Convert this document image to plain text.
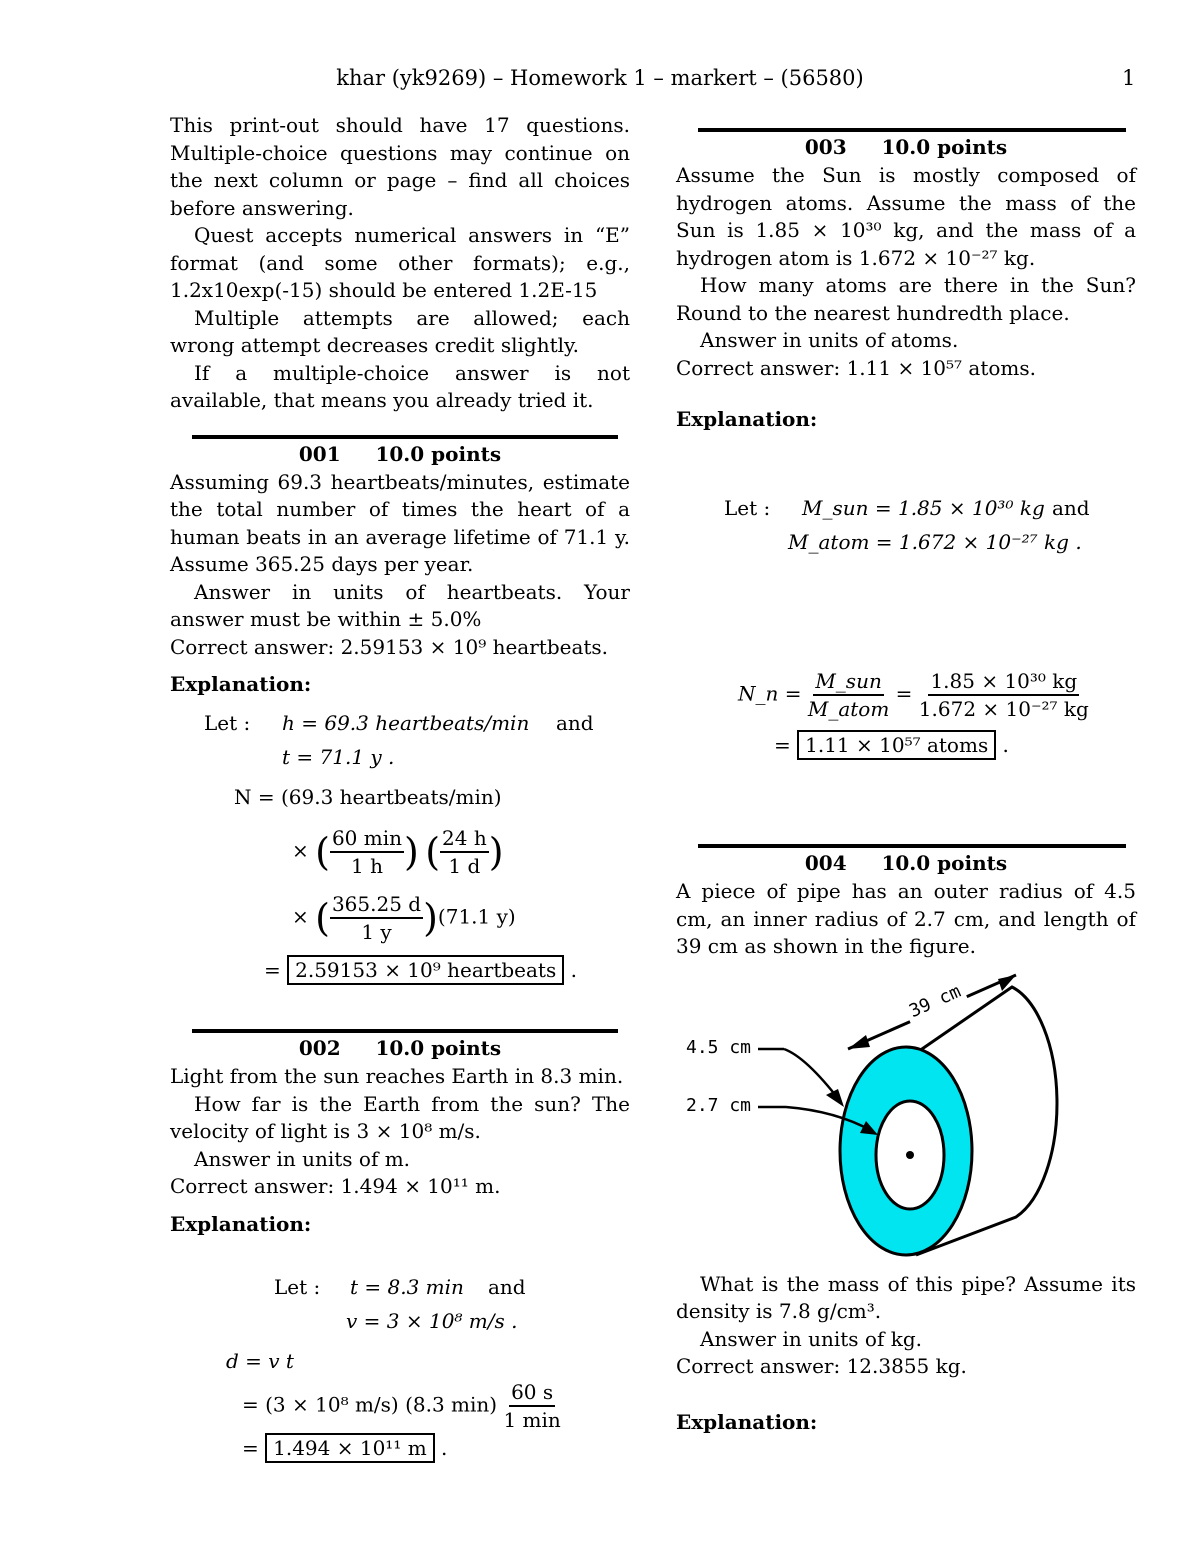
khar (yk9269) – Homework 1 – markert – (56580)	1

This print-out should have 17 questions. Multiple-choice questions may continue on the next column or page – find all choices before answering.

Quest accepts numerical answers in “E” format (and some other formats); e.g., 1.2x10exp(-15) should be entered 1.2E-15

Multiple attempts are allowed; each wrong attempt decreases credit slightly.

If a multiple-choice answer is not available, that means you already tried it.

001 10.0 points

Assuming 69.3 heartbeats/minutes, estimate the total number of times the heart of a human beats in an average lifetime of 71.1 y. Assume 365.25 days per year.

Answer in units of heartbeats. Your answer must be within ± 5.0%

Correct answer: 2.59153 × 10⁹ heartbeats.

Explanation:
Let : h = 69.3 heartbeats/min and
t = 71.1 y .
N = (69.3 heartbeats/min)
× ( $\frac{60 \min}{1 h}$ ) ( $\frac{24 h}{1 d}$ )
× ( $\frac{365.25 d}{1 y} )(71.1$ y)
= 2.59153 × 10⁹ heartbeats .
002 10.0 points

Light from the sun reaches Earth in 8.3 min.

How far is the Earth from the sun? The velocity of light is 3 × 10⁸ m/s.

Answer in units of m.

Correct answer: 1.494 × 10¹¹ m.

Explanation:
Let : t = 8.3 min and
v = 3 × 10⁸ m/s .
d = v t
= (3 × 10⁸ m/s) (8.3 $\min) \frac{60 s}{1 \min}$
= 1.494 × 10¹¹ m .
003 10.0 points

Assume the Sun is mostly composed of hydrogen atoms. Assume the mass of the Sun is 1.85 × 10³⁰ kg, and the mass of a hydrogen atom is 1.672 × 10⁻²⁷ kg.

How many atoms are there in the Sun? Round to the nearest hundredth place.

Answer in units of atoms.

Correct answer: 1.11 × 10⁵⁷ atoms.

Explanation:
Let : M_sun = 1.85 × 10³⁰ kg and
M_atom = 1.672 × 10⁻²⁷ kg .
N_n = $\frac{\text{M\_sun}}{\text{M\_atom}} = \frac{\text{1.85 × 10³⁰ kg}}{\text{1.672 × 10⁻²⁷ kg}}$
= 1.11 × 10⁵⁷ atoms .
004 10.0 points

A piece of pipe has an outer radius of 4.5 cm, an inner radius of 2.7 cm, and length of 39 cm as shown in the figure.

4.5 cm
2.7 cm
39 cm

What is the mass of this pipe? Assume its density is 7.8 g/cm³.

Answer in units of kg.

Correct answer: 12.3855 kg.

Explanation:
